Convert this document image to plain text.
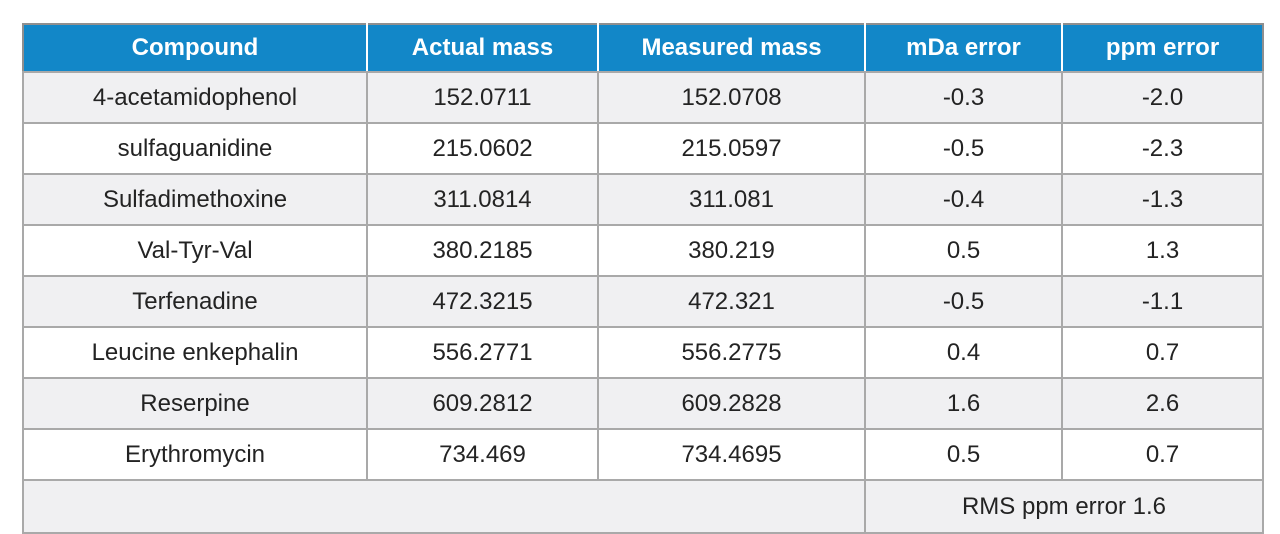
Compound	Actual mass	Measured mass	mDa error	ppm error
4-acetamidophenol	152.0711	152.0708	-0.3	-2.0
sulfaguanidine	215.0602	215.0597	-0.5	-2.3
Sulfadimethoxine	311.0814	311.081	-0.4	-1.3
Val-Tyr-Val	380.2185	380.219	0.5	1.3
Terfenadine	472.3215	472.321	-0.5	-1.1
Leucine enkephalin	556.2771	556.2775	0.4	0.7
Reserpine	609.2812	609.2828	1.6	2.6
Erythromycin	734.469	734.4695	0.5	0.7
			RMS ppm error 1.6	
